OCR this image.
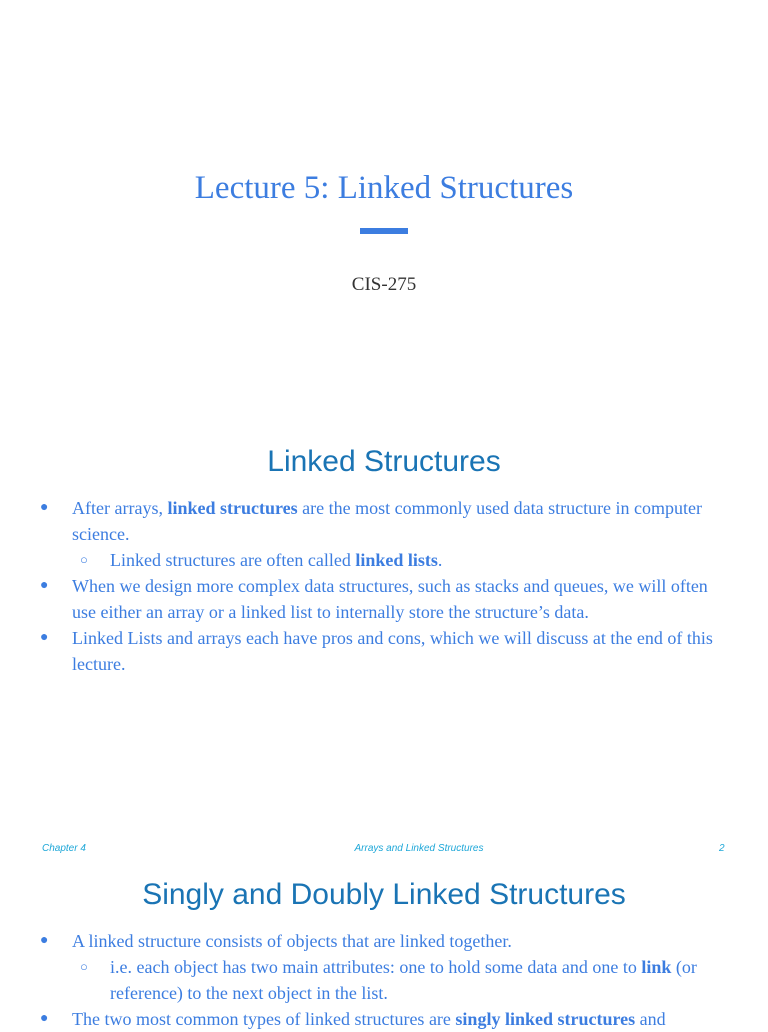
Lecture 5: Linked Structures
CIS-275
Linked Structures
● After arrays, linked structures are the most commonly used data structure in computer science.
○ Linked structures are often called linked lists.
● When we design more complex data structures, such as stacks and queues, we will often use either an array or a linked list to internally store the structure’s data.
● Linked Lists and arrays each have pros and cons, which we will discuss at the end of this lecture.
Chapter 4	Arrays and Linked Structures	2
Singly and Doubly Linked Structures
● A linked structure consists of objects that are linked together.
○ i.e. each object has two main attributes: one to hold some data and one to link (or reference) to the next object in the list.
● The two most common types of linked structures are singly linked structures and
